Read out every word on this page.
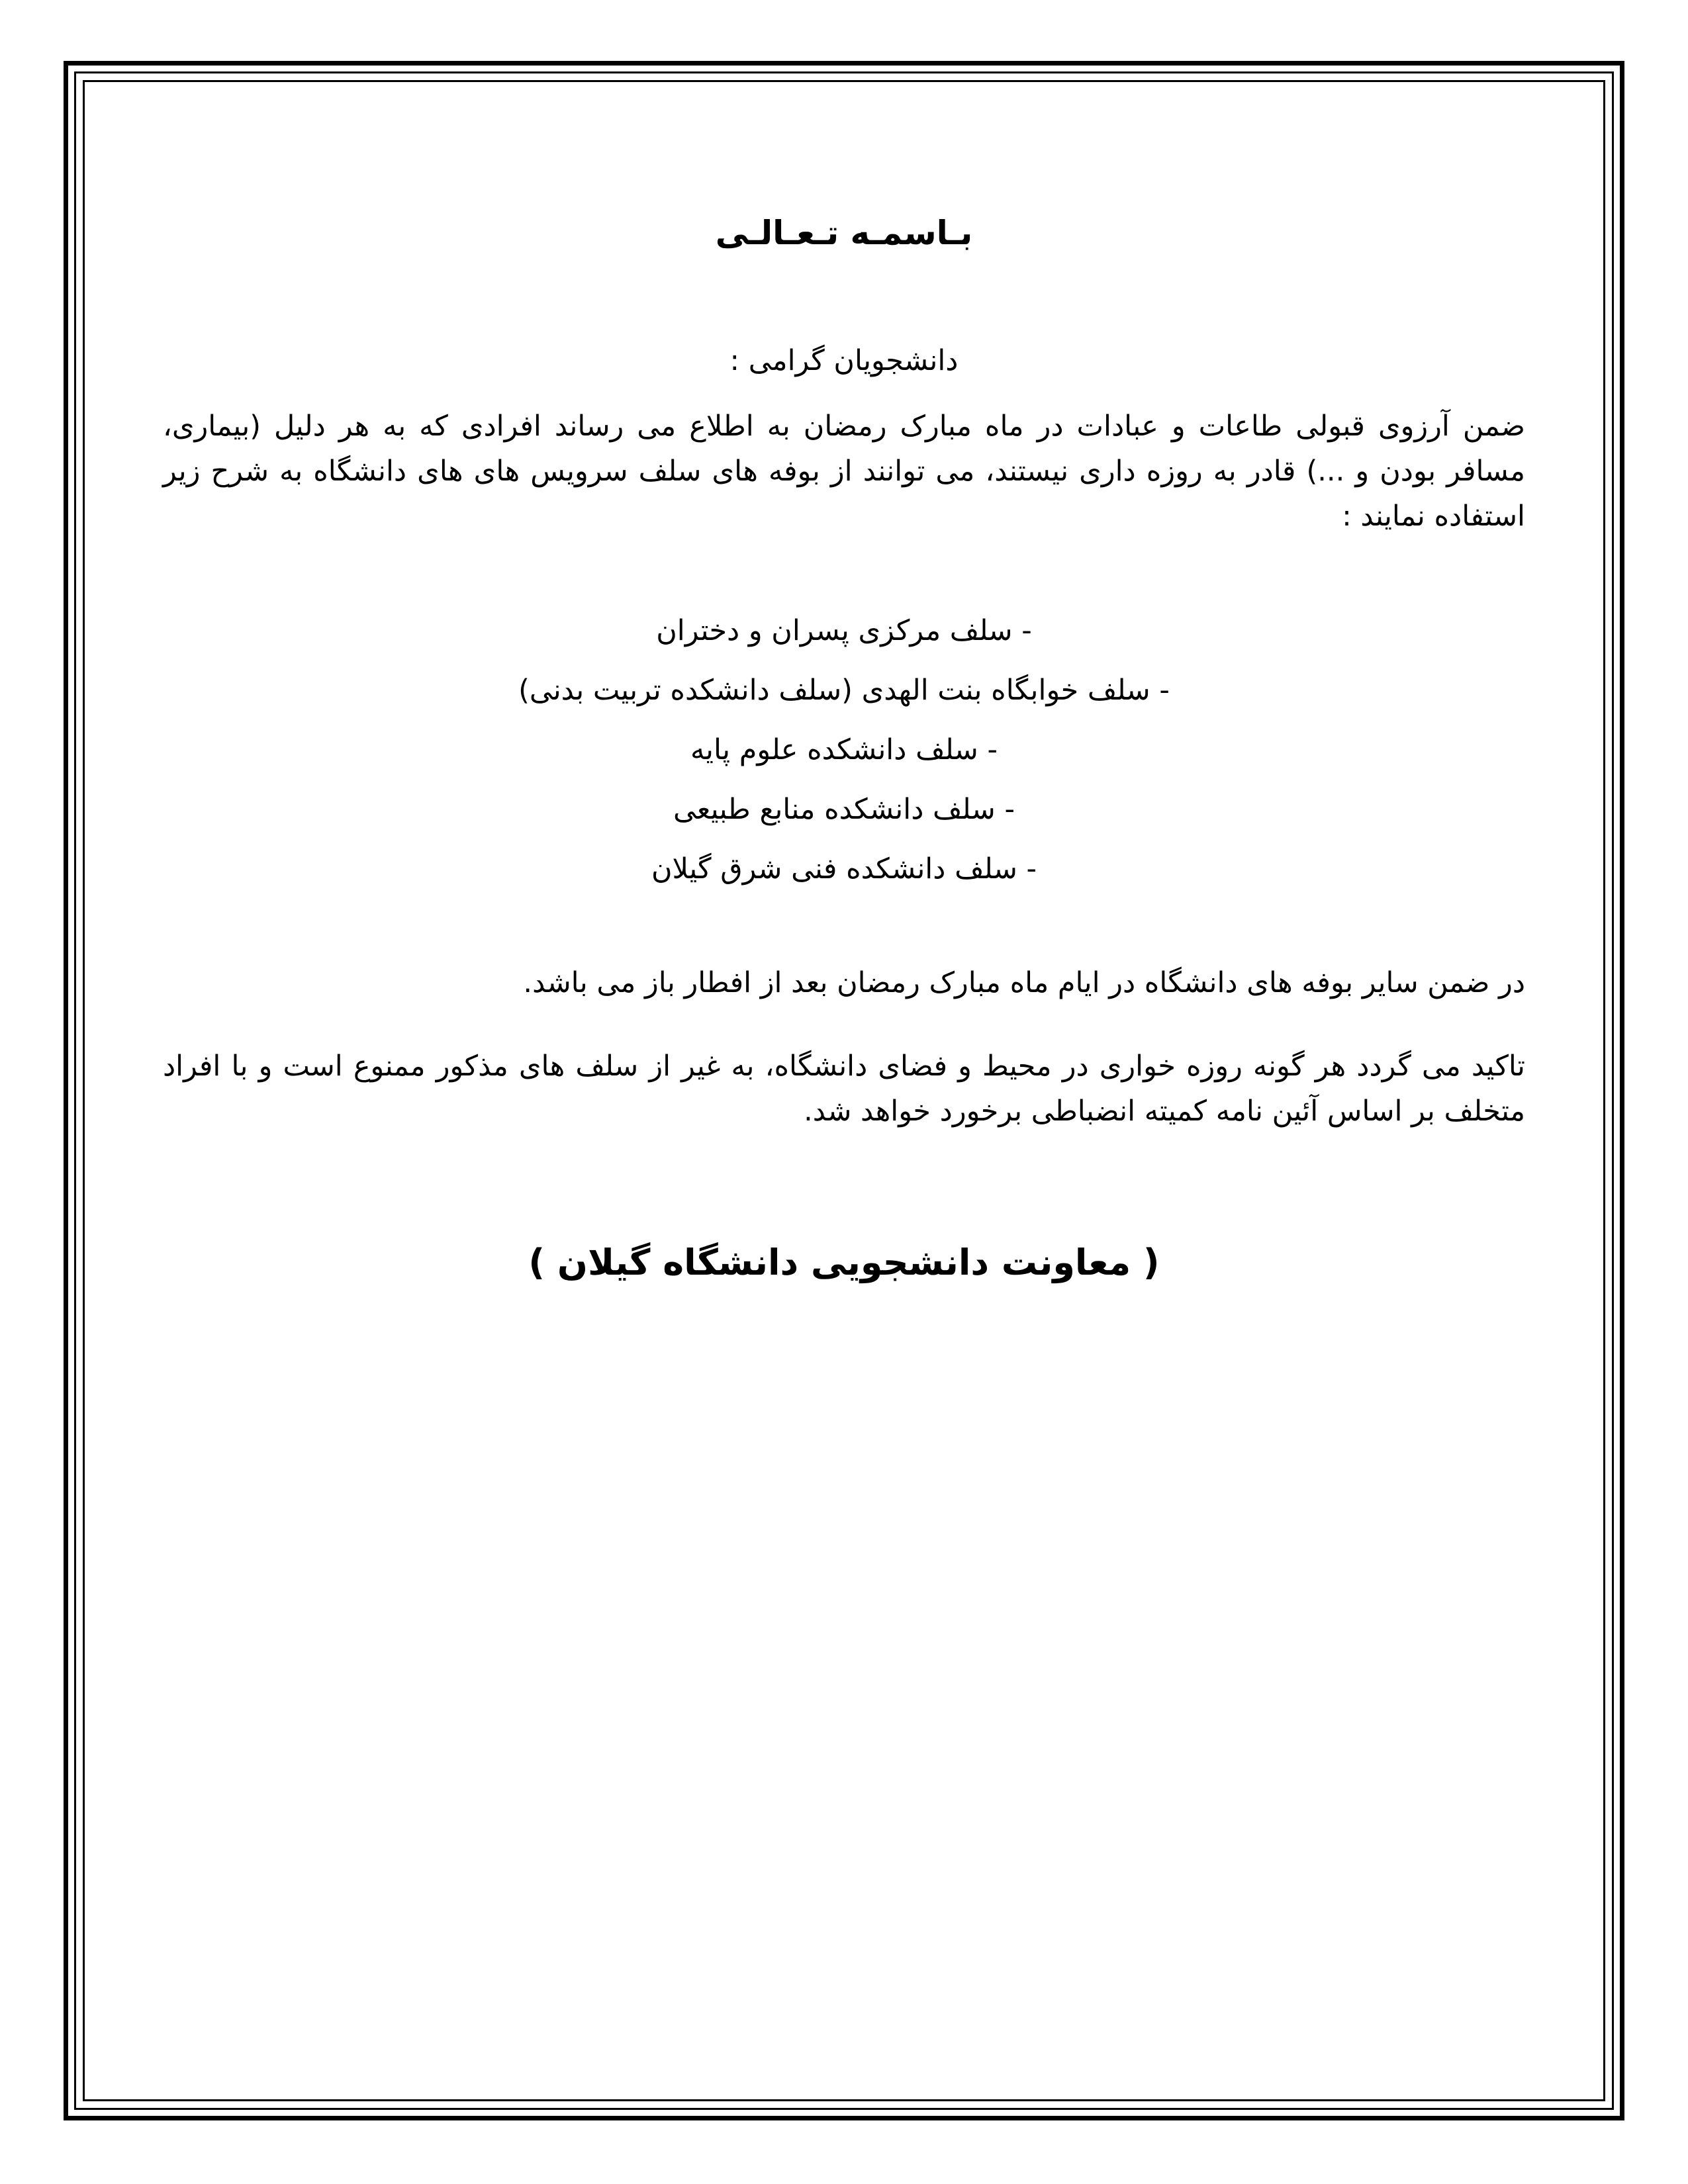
بـاسمـه تـعـالـی
دانشجویان گرامی :

ضمن آرزوی قبولی طاعات و عبادات در ماه مبارک رمضان به اطلاع می رساند افرادی که به هر دلیل (بیماری، مسافر بودن و ...) قادر به روزه داری نیستند، می توانند از بوفه های سلف سرویس های های دانشگاه به شرح زیر استفاده نمایند :

- سلف مرکزی پسران و دختران
- سلف خوابگاه بنت الهدی (سلف دانشکده تربیت بدنی)
- سلف دانشکده علوم پایه
- سلف دانشکده منابع طبیعی
- سلف دانشکده فنی شرق گیلان

در ضمن سایر بوفه های دانشگاه در ایام ماه مبارک رمضان بعد از افطار باز می باشد.

تاکید می گردد هر گونه روزه خواری در محیط و فضای دانشگاه، به غیر از سلف های مذکور ممنوع است و با افراد متخلف بر اساس آئین نامه کمیته انضباطی برخورد خواهد شد.

( معاونت دانشجویی دانشگاه گیلان )
